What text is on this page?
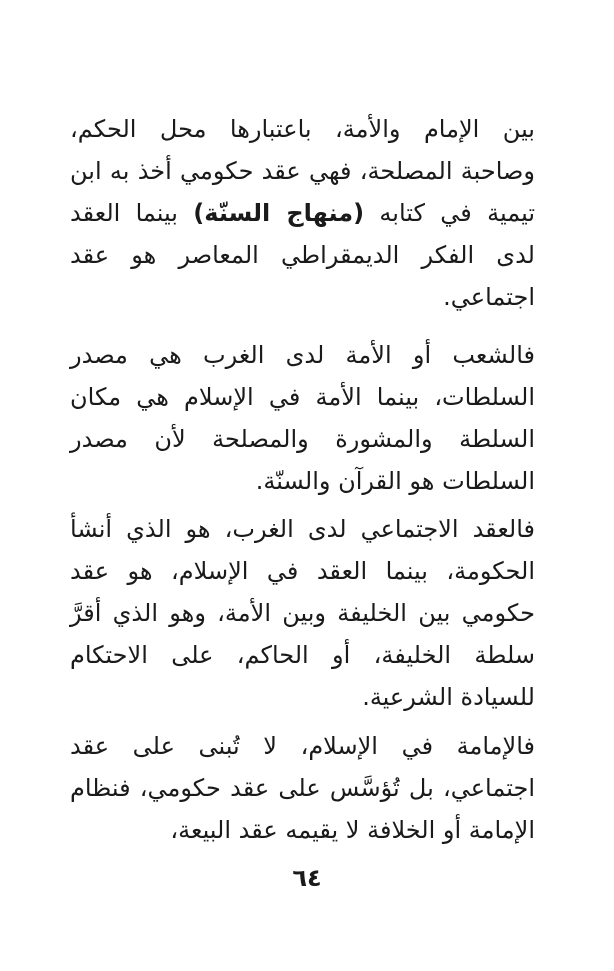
بين الإمام والأمة، باعتبارها محل الحكم، وصاحبة المصلحة، فهي عقد حكومي أخذ به ابن تيمية في كتابه (منهاج السنّة) بينما العقد لدى الفكر الديمقراطي المعاصر هو عقد اجتماعي.

فالشعب أو الأمة لدى الغرب هي مصدر السلطات، بينما الأمة في الإسلام هي مكان السلطة والمشورة والمصلحة لأن مصدر السلطات هو القرآن والسنّة.

فالعقد الاجتماعي لدى الغرب، هو الذي أنشأ الحكومة، بينما العقد في الإسلام، هو عقد حكومي بين الخليفة وبين الأمة، وهو الذي أقرَّ سلطة الخليفة، أو الحاكم، على الاحتكام للسيادة الشرعية.

فالإمامة في الإسلام، لا تُبنى على عقد اجتماعي، بل تُؤسَّس على عقد حكومي، فنظام الإمامة أو الخلافة لا يقيمه عقد البيعة،

٦٤
